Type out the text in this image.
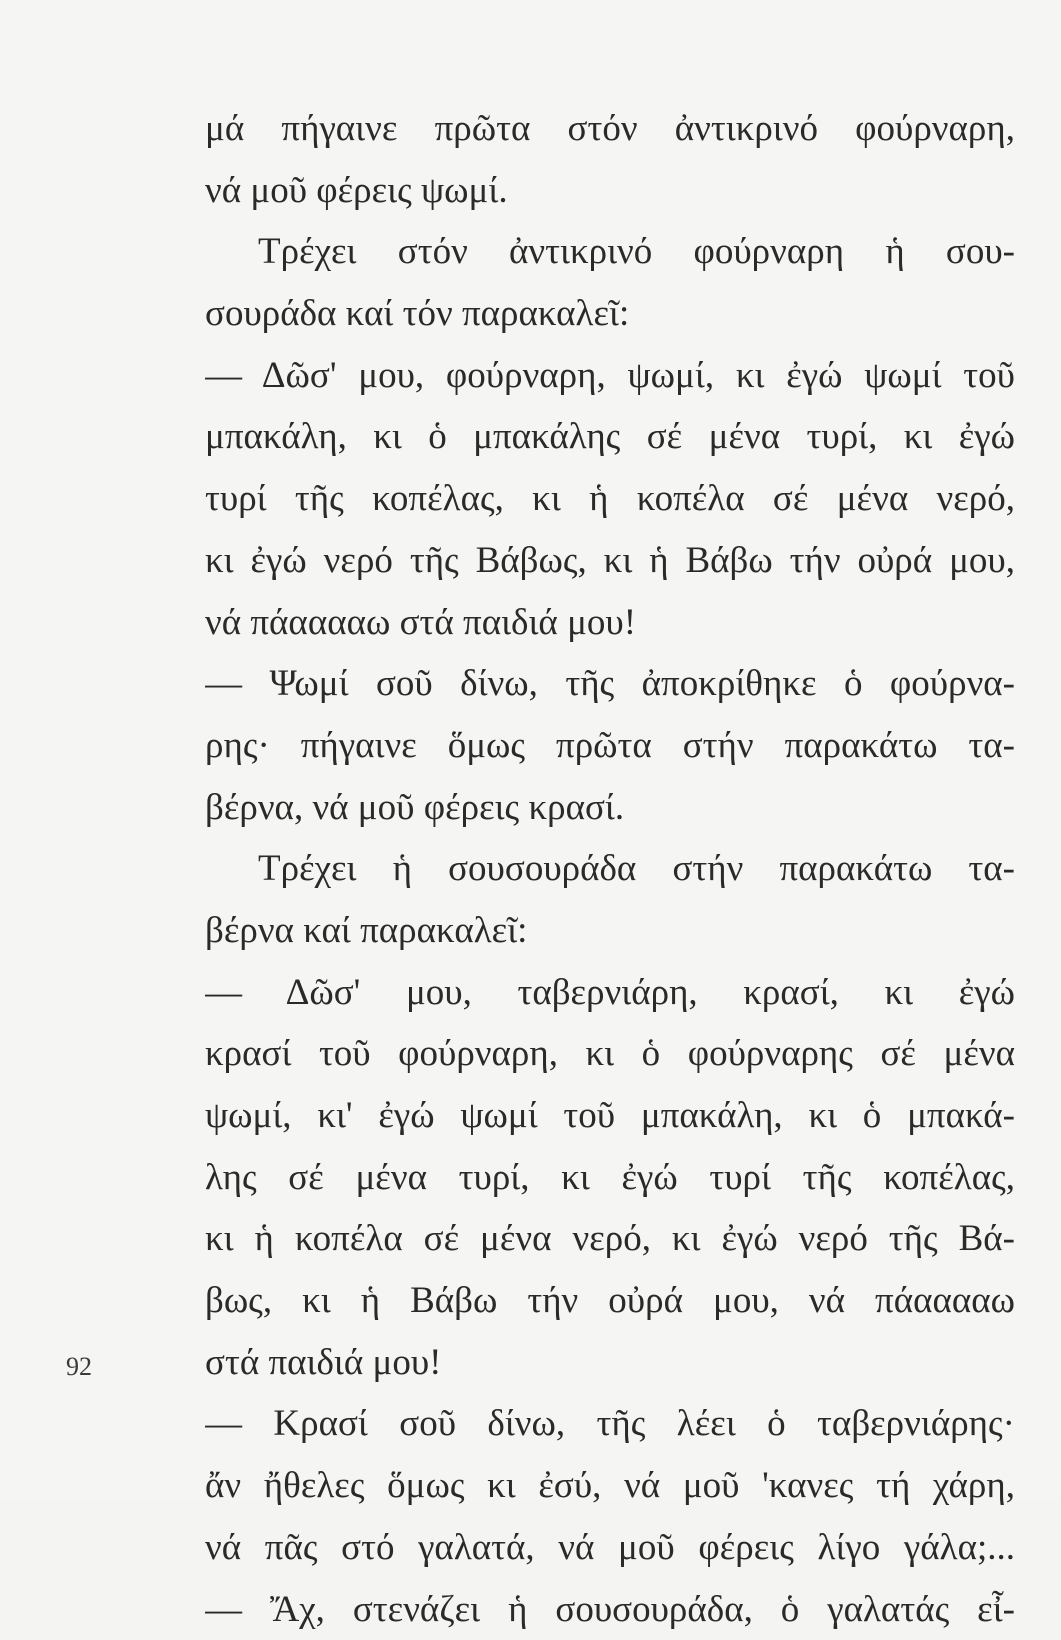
μά πήγαινε πρῶτα στόν ἀντικρινό φούρναρη,
νά μοῦ φέρεις ψωμί.
Τρέχει στόν ἀντικρινό φούρναρη ἡ σου-
σουράδα καί τόν παρακαλεῖ:
— Δῶσ' μου, φούρναρη, ψωμί, κι ἐγώ ψωμί τοῦ
μπακάλη, κι ὁ μπακάλης σέ μένα τυρί, κι ἐγώ
τυρί τῆς κοπέλας, κι ἡ κοπέλα σέ μένα νερό,
κι ἐγώ νερό τῆς Βάβως, κι ἡ Βάβω τήν οὐρά μου,
νά πάααααω στά παιδιά μου!
— Ψωμί σοῦ δίνω, τῆς ἀποκρίθηκε ὁ φούρνα-
ρης· πήγαινε ὅμως πρῶτα στήν παρακάτω τα-
βέρνα, νά μοῦ φέρεις κρασί.
Τρέχει ἡ σουσουράδα στήν παρακάτω τα-
βέρνα καί παρακαλεῖ:
— Δῶσ' μου, ταβερνιάρη, κρασί, κι ἐγώ
κρασί τοῦ φούρναρη, κι ὁ φούρναρης σέ μένα
ψωμί, κι' ἐγώ ψωμί τοῦ μπακάλη, κι ὁ μπακά-
λης σέ μένα τυρί, κι ἐγώ τυρί τῆς κοπέλας,
κι ἡ κοπέλα σέ μένα νερό, κι ἐγώ νερό τῆς Βά-
βως, κι ἡ Βάβω τήν οὐρά μου, νά πάααααω
στά παιδιά μου!
— Κρασί σοῦ δίνω, τῆς λέει ὁ ταβερνιάρης·
ἄν ἤθελες ὅμως κι ἐσύ, νά μοῦ 'κανες τή χάρη,
νά πᾶς στό γαλατά, νά μοῦ φέρεις λίγο γάλα;...
— Ἄχ, στενάζει ἡ σουσουράδα, ὁ γαλατάς εἶ-
92
